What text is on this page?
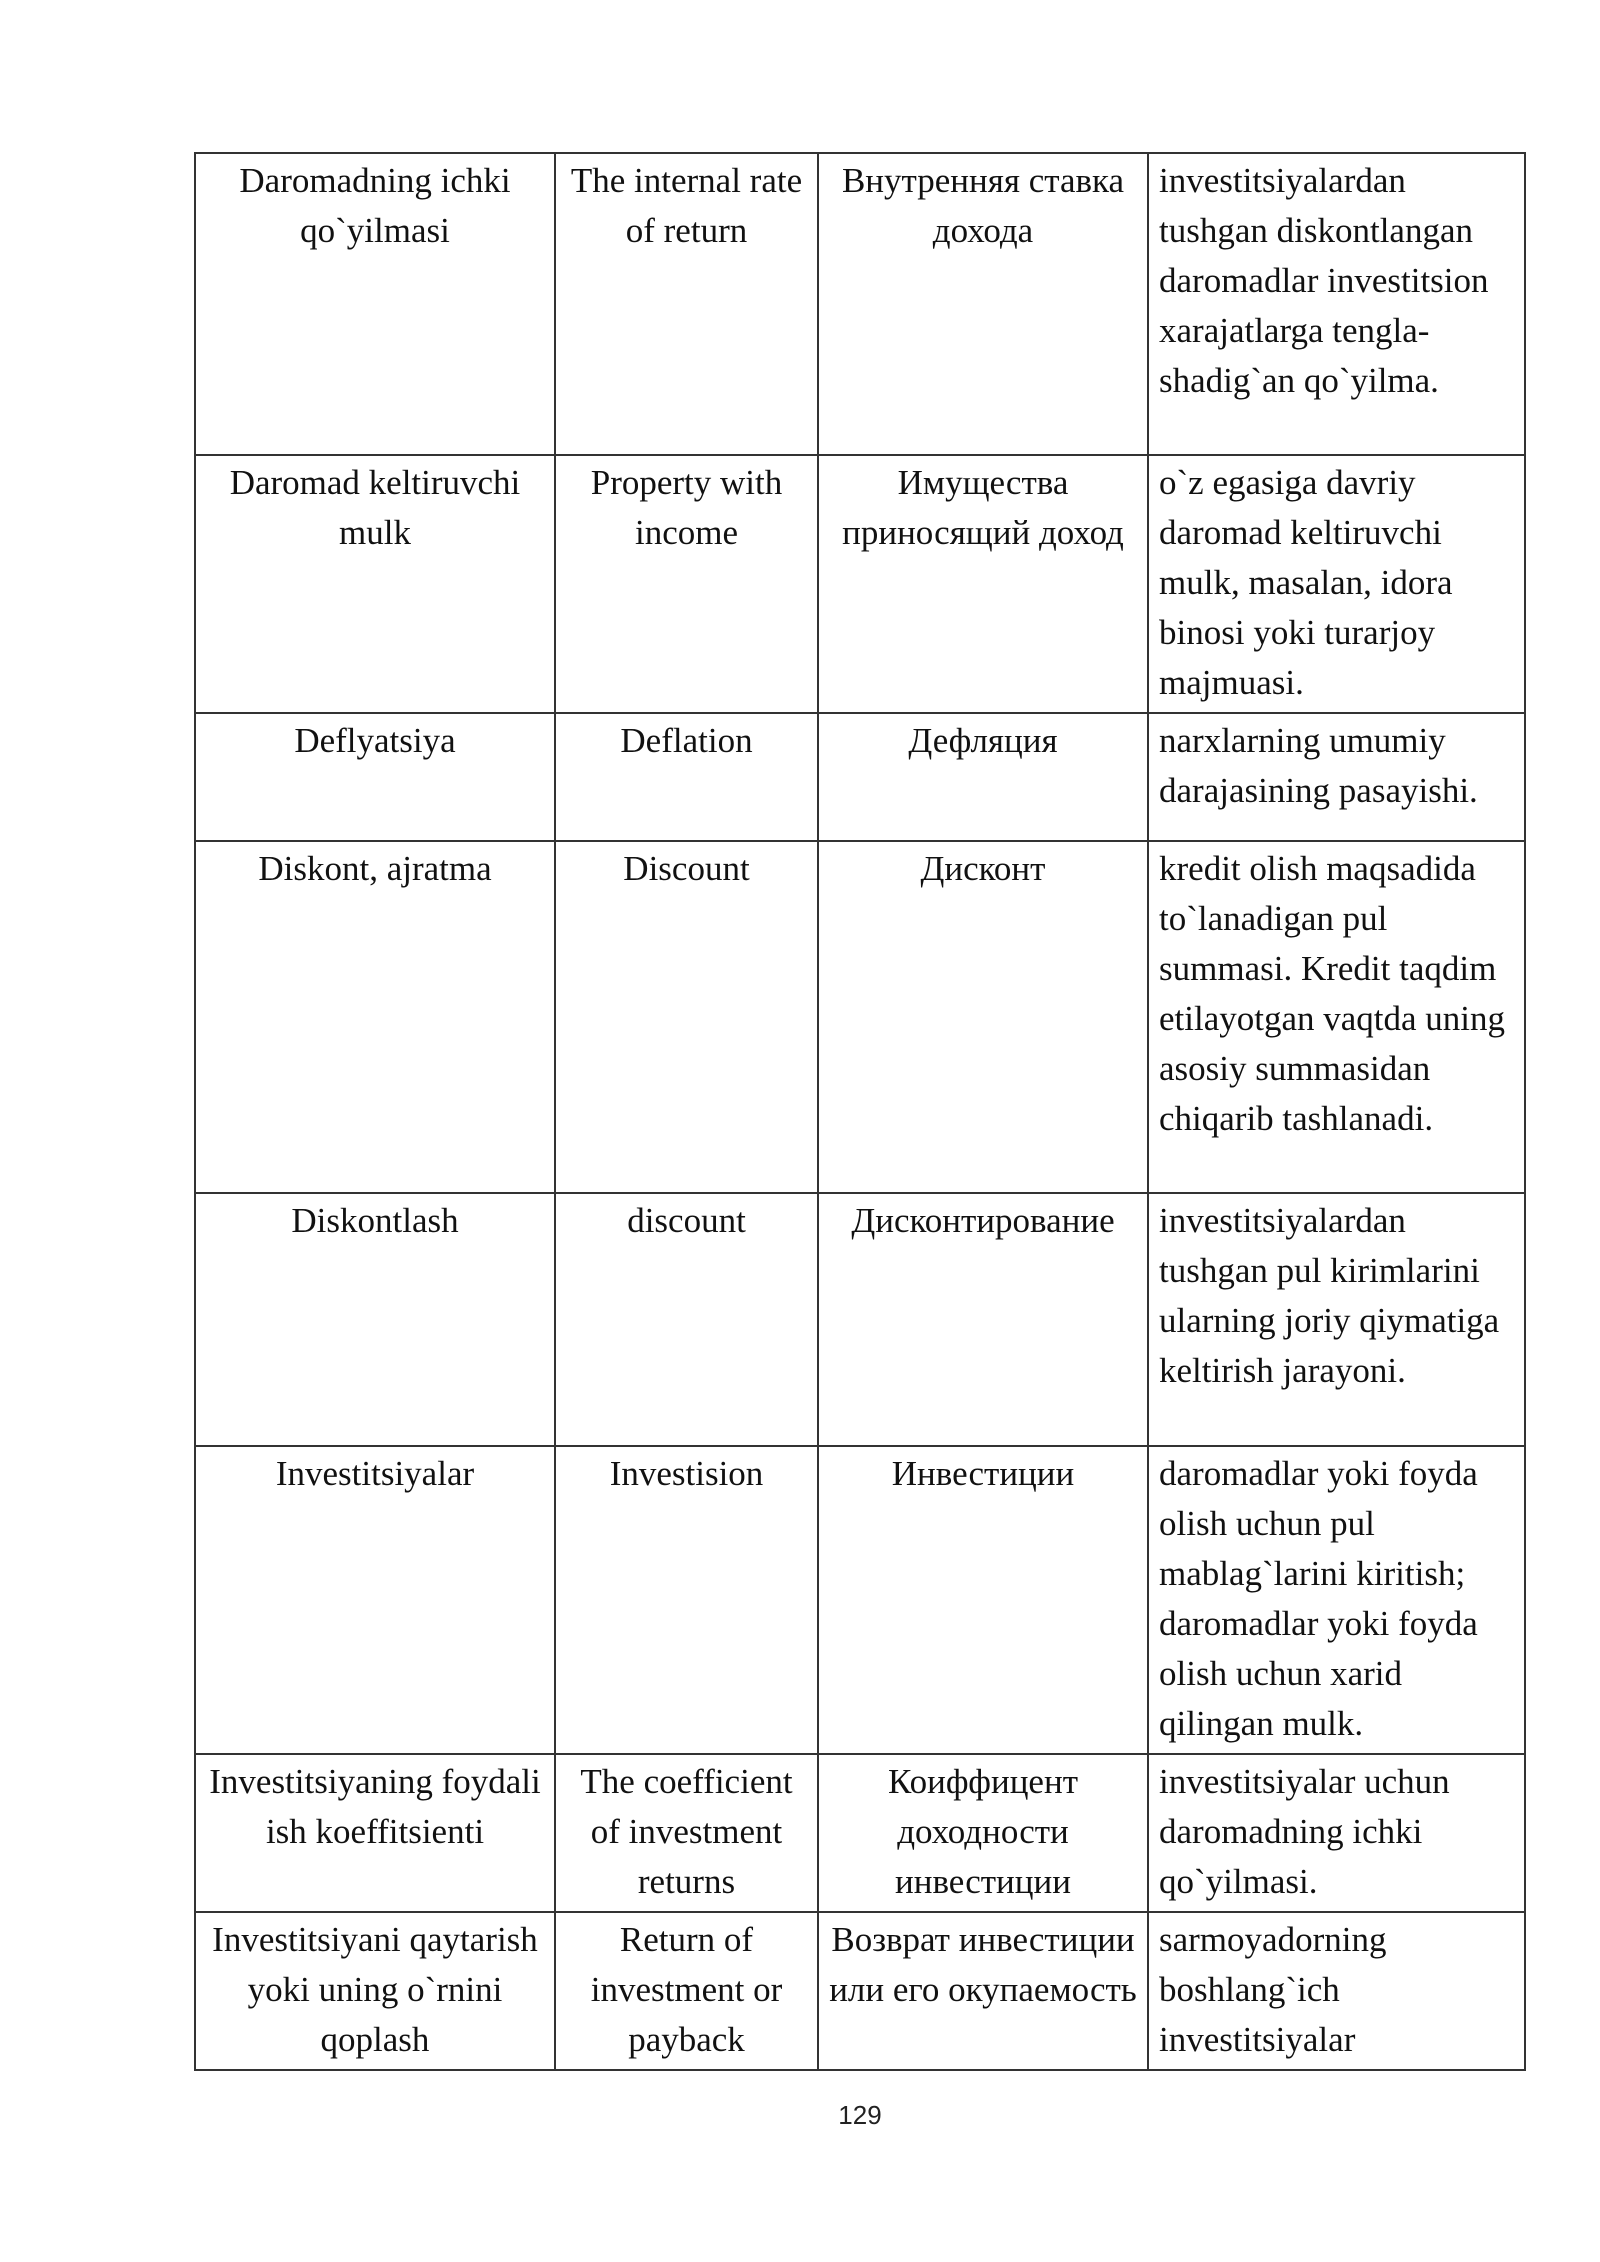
Daromadning ichki qo`yilmasi	The internal rate of return	Внутренняя ставка дохода	investitsiyalardan tushgan diskontlangan daromadlar investitsion xarajatlarga tengla-shadig`an qo`yilma.
Daromad keltiruvchi mulk	Property with income	Имущества приносящий доход	o`z egasiga davriy daromad keltiruvchi mulk, masalan, idora binosi yoki turarjoy majmuasi.
Deflyatsiya	Deflation	Дефляция	narxlarning umumiy darajasining pasayishi.
Diskont, ajratma	Discount	Дисконт	kredit olish maqsadida to`lanadigan pul summasi. Kredit taqdim etilayotgan vaqtda uning asosiy summasidan chiqarib tashlanadi.
Diskontlash	discount	Дисконтирование	investitsiyalardan tushgan pul kirimlarini ularning joriy qiymatiga keltirish jarayoni.
Investitsiyalar	Investision	Инвестиции	daromadlar yoki foyda olish uchun pul mablag`larini kiritish; daromadlar yoki foyda olish uchun xarid qilingan mulk.
Investitsiyaning foydali ish koeffitsienti	The coefficient of investment returns	Коиффицент доходности инвестиции	investitsiyalar uchun daromadning ichki qo`yilmasi.
Investitsiyani qaytarish yoki uning o`rnini qoplash	Return of investment or payback	Возврат инвестиции или его окупаемость	sarmoyadorning boshlang`ich investitsiyalar
129
